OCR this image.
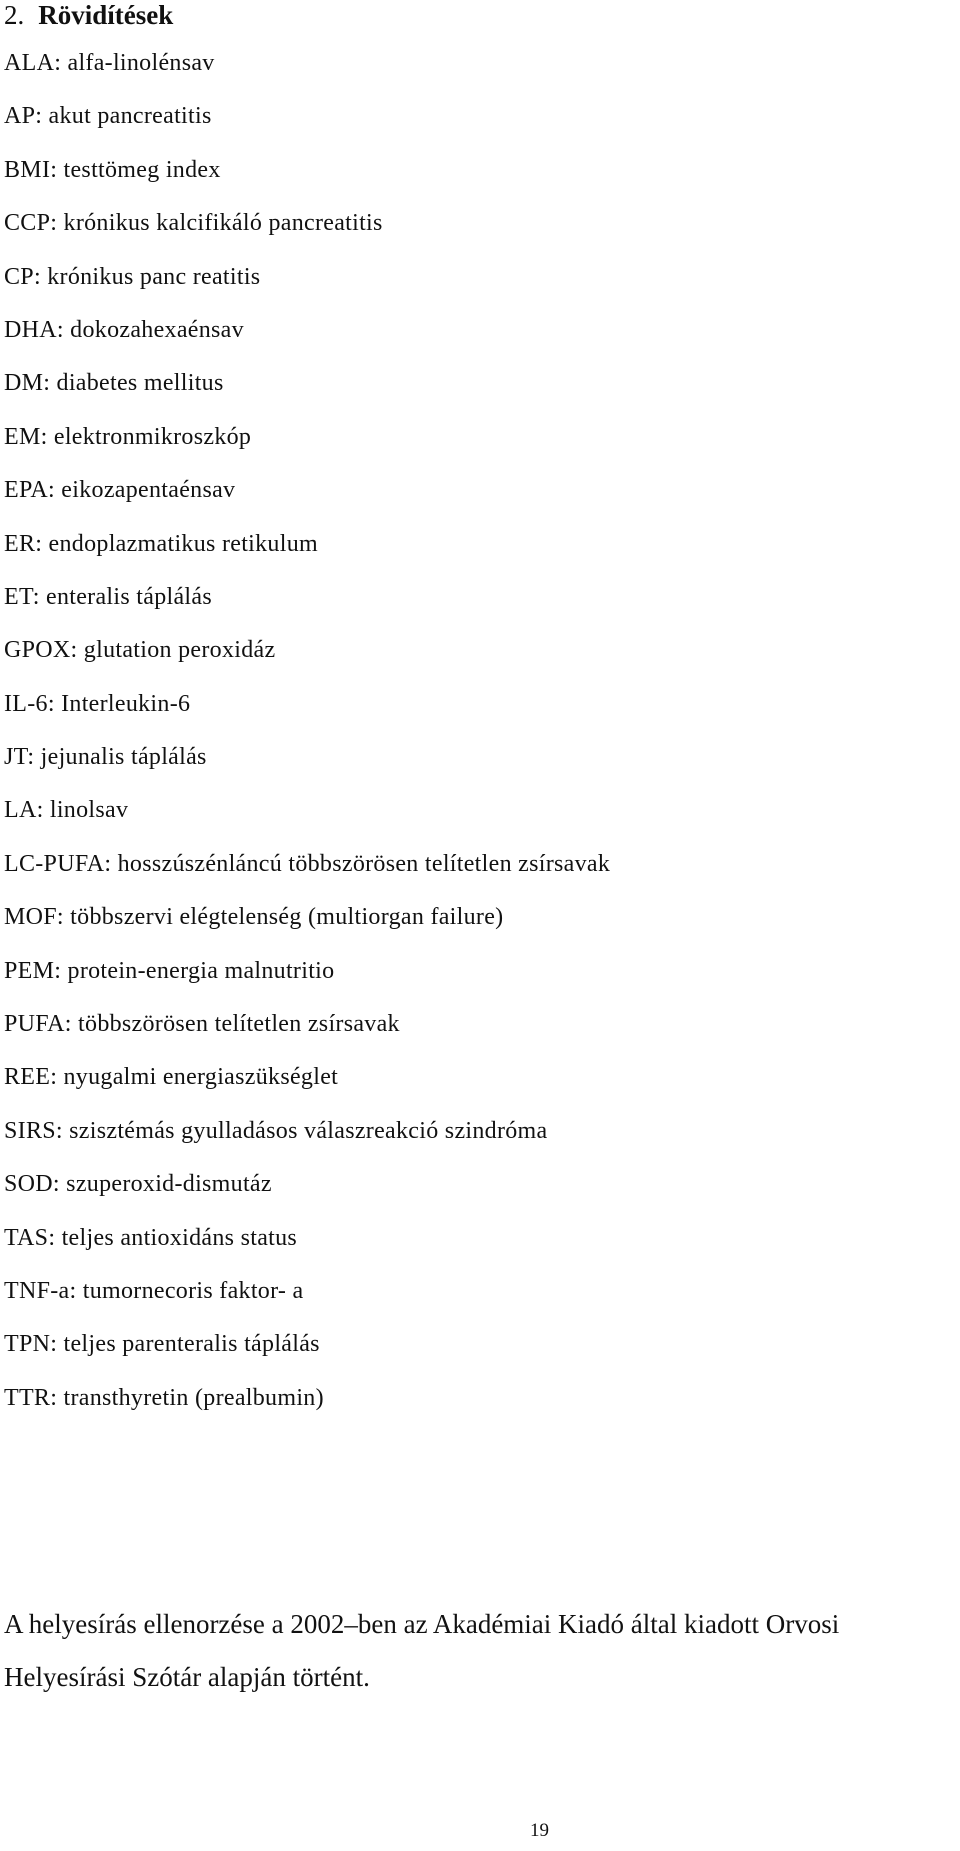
2. Rövidítések
ALA: alfa-linolénsav
AP: akut pancreatitis
BMI: testtömeg index
CCP: krónikus kalcifikáló pancreatitis
CP: krónikus panc reatitis
DHA: dokozahexaénsav
DM: diabetes mellitus
EM: elektronmikroszkóp
EPA: eikozapentaénsav
ER: endoplazmatikus retikulum
ET: enteralis táplálás
GPOX: glutation peroxidáz
IL-6: Interleukin-6
JT: jejunalis táplálás
LA: linolsav
LC-PUFA: hosszúszénláncú többszörösen telítetlen zsírsavak
MOF: többszervi elégtelenség (multiorgan failure)
PEM: protein-energia malnutritio
PUFA: többszörösen telítetlen zsírsavak
REE: nyugalmi energiaszükséglet
SIRS: szisztémás gyulladásos válaszreakció szindróma
SOD: szuperoxid-dismutáz
TAS: teljes antioxidáns status
TNF-a: tumornecoris faktor- a
TPN: teljes parenteralis táplálás
TTR: transthyretin (prealbumin)

A helyesírás ellenorzése a 2002–ben az Akadémiai Kiadó által kiadott Orvosi Helyesírási Szótár alapján történt.

19
